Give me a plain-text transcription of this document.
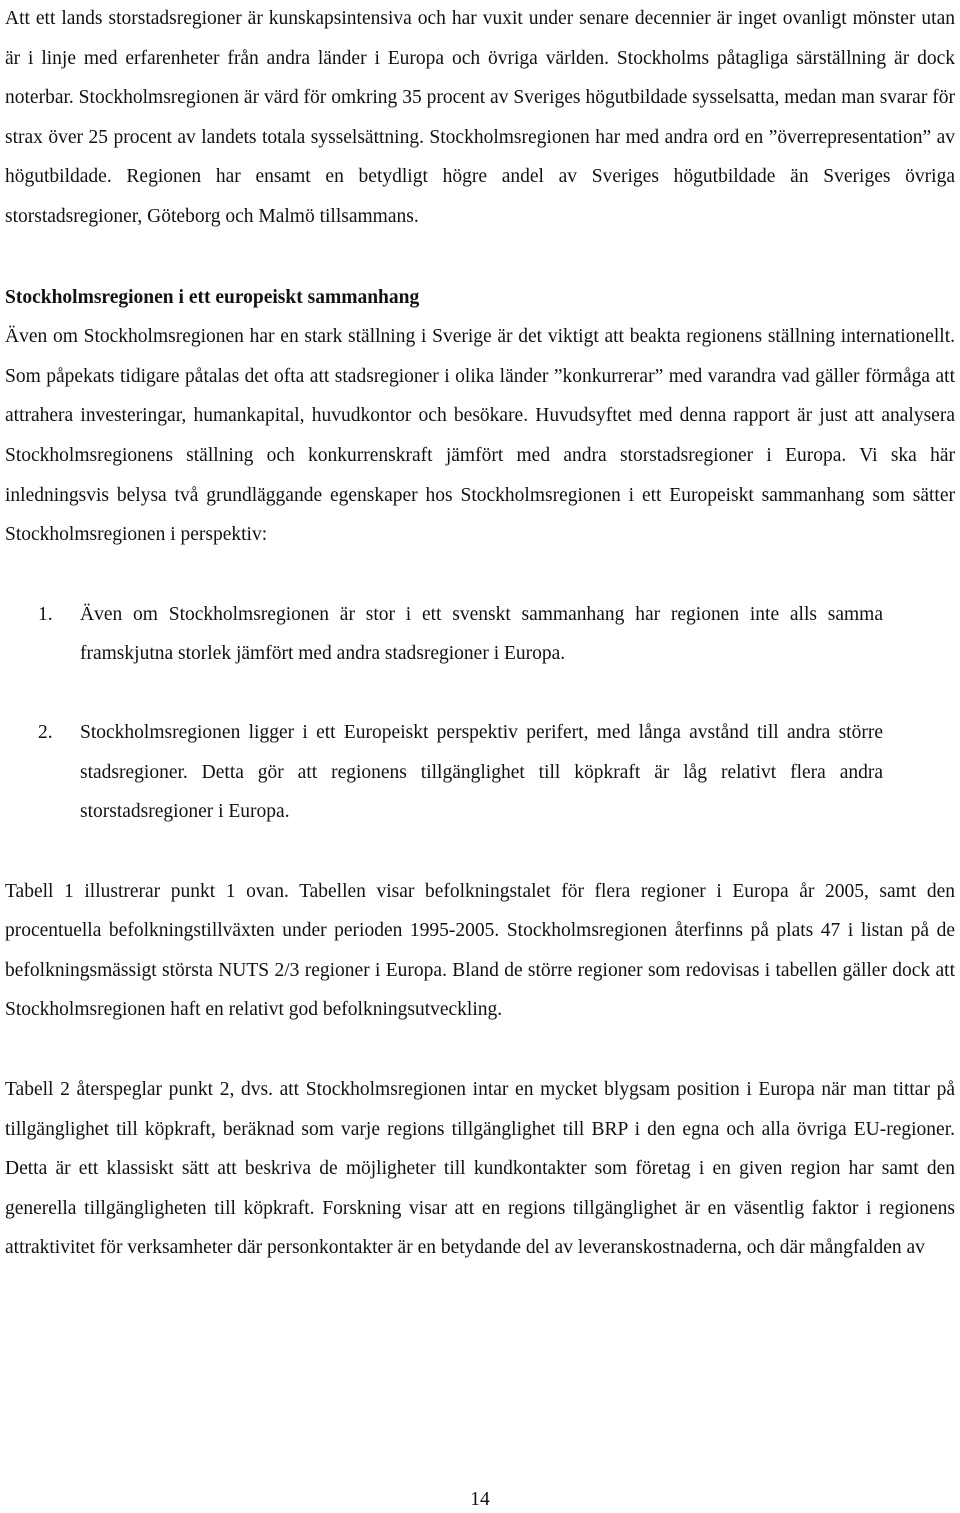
Att ett lands storstadsregioner är kunskapsintensiva och har vuxit under senare decennier är inget ovanligt mönster utan är i linje med erfarenheter från andra länder i Europa och övriga världen. Stockholms påtagliga särställning är dock noterbar. Stockholmsregionen är värd för omkring 35 procent av Sveriges högutbildade sysselsatta, medan man svarar för strax över 25 procent av landets totala sysselsättning. Stockholmsregionen har med andra ord en ”överrepresentation” av högutbildade. Regionen har ensamt en betydligt högre andel av Sveriges högutbildade än Sveriges övriga storstadsregioner, Göteborg och Malmö tillsammans.

Stockholmsregionen i ett europeiskt sammanhang

Även om Stockholmsregionen har en stark ställning i Sverige är det viktigt att beakta regionens ställning internationellt. Som påpekats tidigare påtalas det ofta att stadsregioner i olika länder ”konkurrerar” med varandra vad gäller förmåga att attrahera investeringar, humankapital, huvudkontor och besökare. Huvudsyftet med denna rapport är just att analysera Stockholmsregionens ställning och konkurrenskraft jämfört med andra storstadsregioner i Europa. Vi ska här inledningsvis belysa två grundläggande egenskaper hos Stockholmsregionen i ett Europeiskt sammanhang som sätter Stockholmsregionen i perspektiv:

1. Även om Stockholmsregionen är stor i ett svenskt sammanhang har regionen inte alls samma framskjutna storlek jämfört med andra stadsregioner i Europa.
2. Stockholmsregionen ligger i ett Europeiskt perspektiv perifert, med långa avstånd till andra större stadsregioner. Detta gör att regionens tillgänglighet till köpkraft är låg relativt flera andra storstadsregioner i Europa.

Tabell 1 illustrerar punkt 1 ovan. Tabellen visar befolkningstalet för flera regioner i Europa år 2005, samt den procentuella befolkningstillväxten under perioden 1995-2005. Stockholmsregionen återfinns på plats 47 i listan på de befolkningsmässigt största NUTS 2/3 regioner i Europa. Bland de större regioner som redovisas i tabellen gäller dock att Stockholmsregionen haft en relativt god befolkningsutveckling.

Tabell 2 återspeglar punkt 2, dvs. att Stockholmsregionen intar en mycket blygsam position i Europa när man tittar på tillgänglighet till köpkraft, beräknad som varje regions tillgänglighet till BRP i den egna och alla övriga EU-regioner. Detta är ett klassiskt sätt att beskriva de möjligheter till kundkontakter som företag i en given region har samt den generella tillgängligheten till köpkraft. Forskning visar att en regions tillgänglighet är en väsentlig faktor i regionens attraktivitet för verksamheter där personkontakter är en betydande del av leveranskostnaderna, och där mångfalden av

14
